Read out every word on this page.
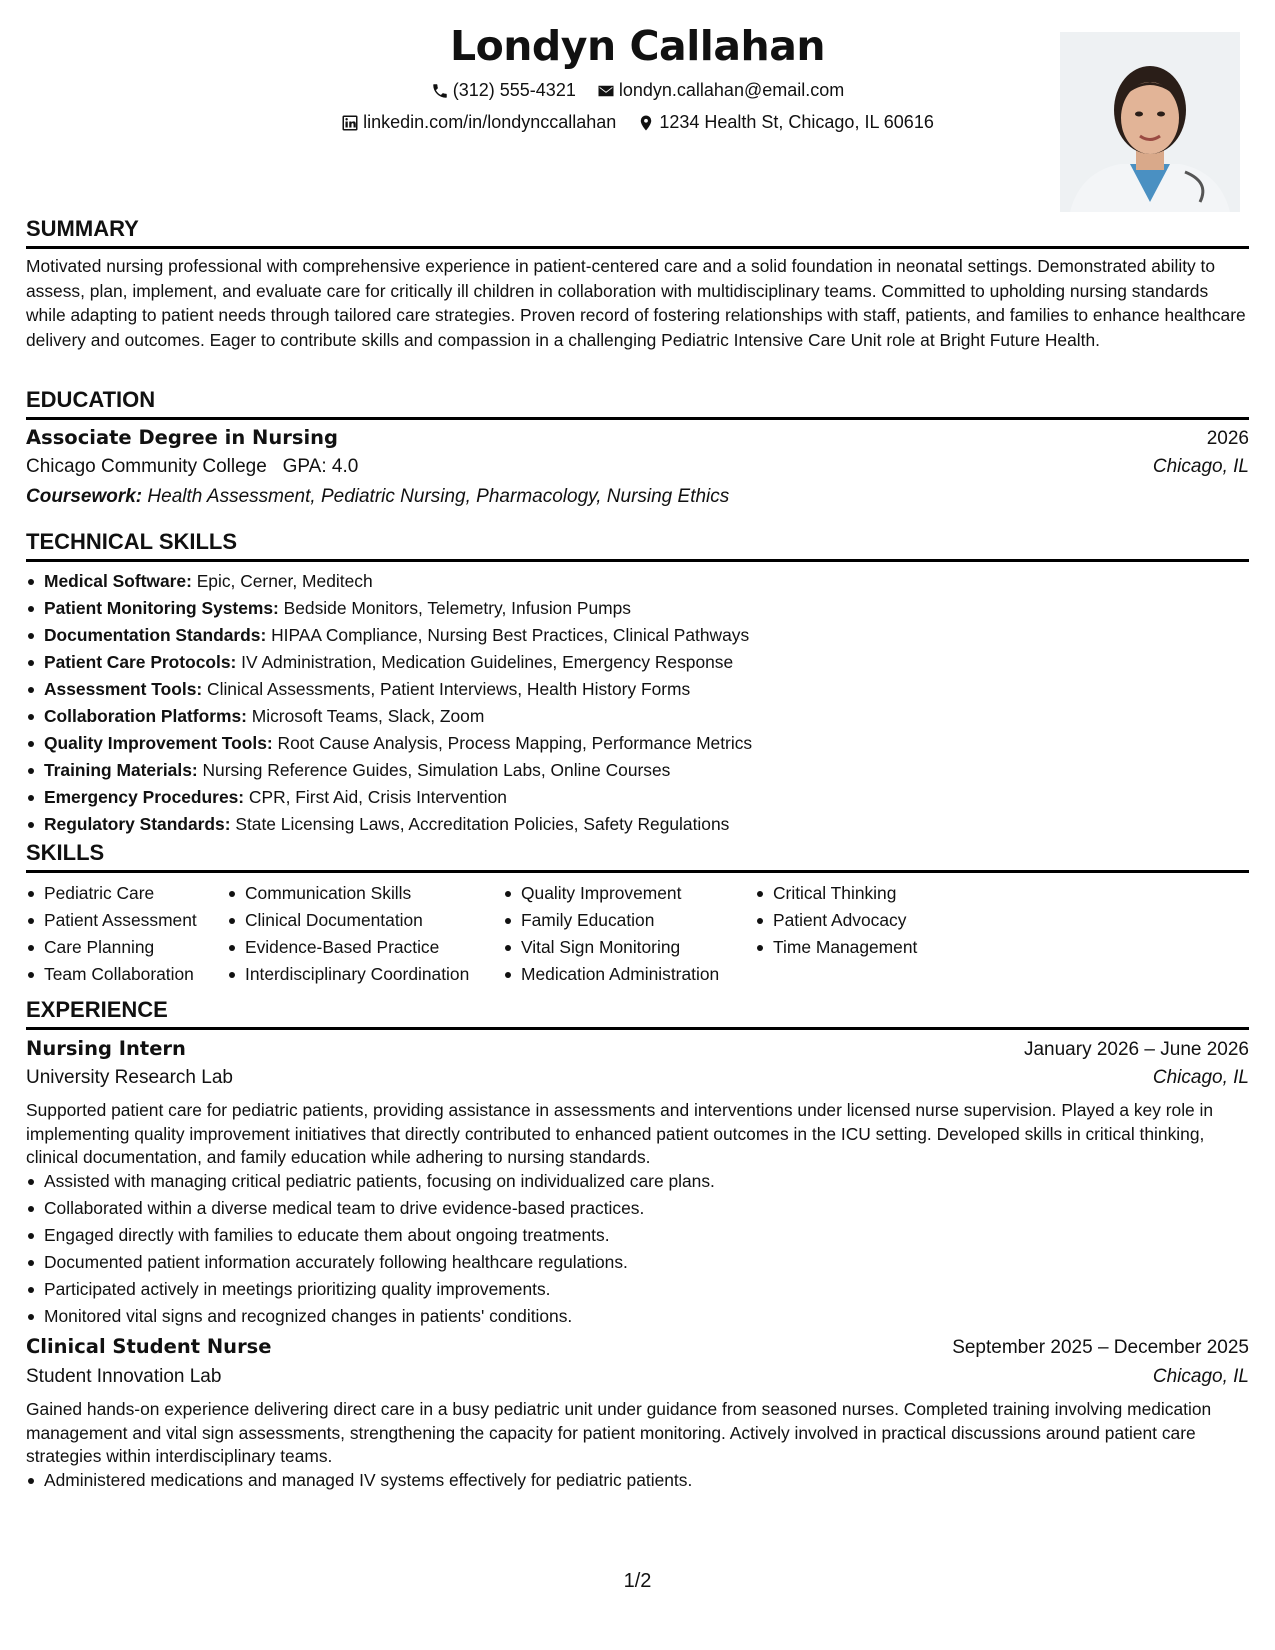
Londyn Callahan
(312) 555-4321
londyn.callahan@email.com
linkedin.com/in/londynccallahan
1234 Health St, Chicago, IL 60616
SUMMARY

Motivated nursing professional with comprehensive experience in patient-centered care and a solid foundation in neonatal settings. Demonstrated ability to assess, plan, implement, and evaluate care for critically ill children in collaboration with multidisciplinary teams. Committed to upholding nursing standards while adapting to patient needs through tailored care strategies. Proven record of fostering relationships with staff, patients, and families to enhance healthcare delivery and outcomes. Eager to contribute skills and compassion in a challenging Pediatric Intensive Care Unit role at Bright Future Health.

EDUCATION
Associate Degree in Nursing	2026
Chicago Community College GPA: 4.0	Chicago, IL
Coursework: Health Assessment, Pediatric Nursing, Pharmacology, Nursing Ethics
TECHNICAL SKILLS
Medical Software: Epic, Cerner, Meditech
Patient Monitoring Systems: Bedside Monitors, Telemetry, Infusion Pumps
Documentation Standards: HIPAA Compliance, Nursing Best Practices, Clinical Pathways
Patient Care Protocols: IV Administration, Medication Guidelines, Emergency Response
Assessment Tools: Clinical Assessments, Patient Interviews, Health History Forms
Collaboration Platforms: Microsoft Teams, Slack, Zoom
Quality Improvement Tools: Root Cause Analysis, Process Mapping, Performance Metrics
Training Materials: Nursing Reference Guides, Simulation Labs, Online Courses
Emergency Procedures: CPR, First Aid, Crisis Intervention
Regulatory Standards: State Licensing Laws, Accreditation Policies, Safety Regulations
SKILLS
Pediatric Care
Patient Assessment
Care Planning
Team Collaboration
Communication Skills
Clinical Documentation
Evidence-Based Practice
Interdisciplinary Coordination
Quality Improvement
Family Education
Vital Sign Monitoring
Medication Administration
Critical Thinking
Patient Advocacy
Time Management
EXPERIENCE
Nursing Intern	January 2026 – June 2026
University Research Lab	Chicago, IL

Supported patient care for pediatric patients, providing assistance in assessments and interventions under licensed nurse supervision. Played a key role in implementing quality improvement initiatives that directly contributed to enhanced patient outcomes in the ICU setting. Developed skills in critical thinking, clinical documentation, and family education while adhering to nursing standards.

Assisted with managing critical pediatric patients, focusing on individualized care plans.
Collaborated within a diverse medical team to drive evidence-based practices.
Engaged directly with families to educate them about ongoing treatments.
Documented patient information accurately following healthcare regulations.
Participated actively in meetings prioritizing quality improvements.
Monitored vital signs and recognized changes in patients' conditions.
Clinical Student Nurse	September 2025 – December 2025
Student Innovation Lab	Chicago, IL

Gained hands-on experience delivering direct care in a busy pediatric unit under guidance from seasoned nurses. Completed training involving medication management and vital sign assessments, strengthening the capacity for patient monitoring. Actively involved in practical discussions around patient care strategies within interdisciplinary teams.

Administered medications and managed IV systems effectively for pediatric patients.
1/2
